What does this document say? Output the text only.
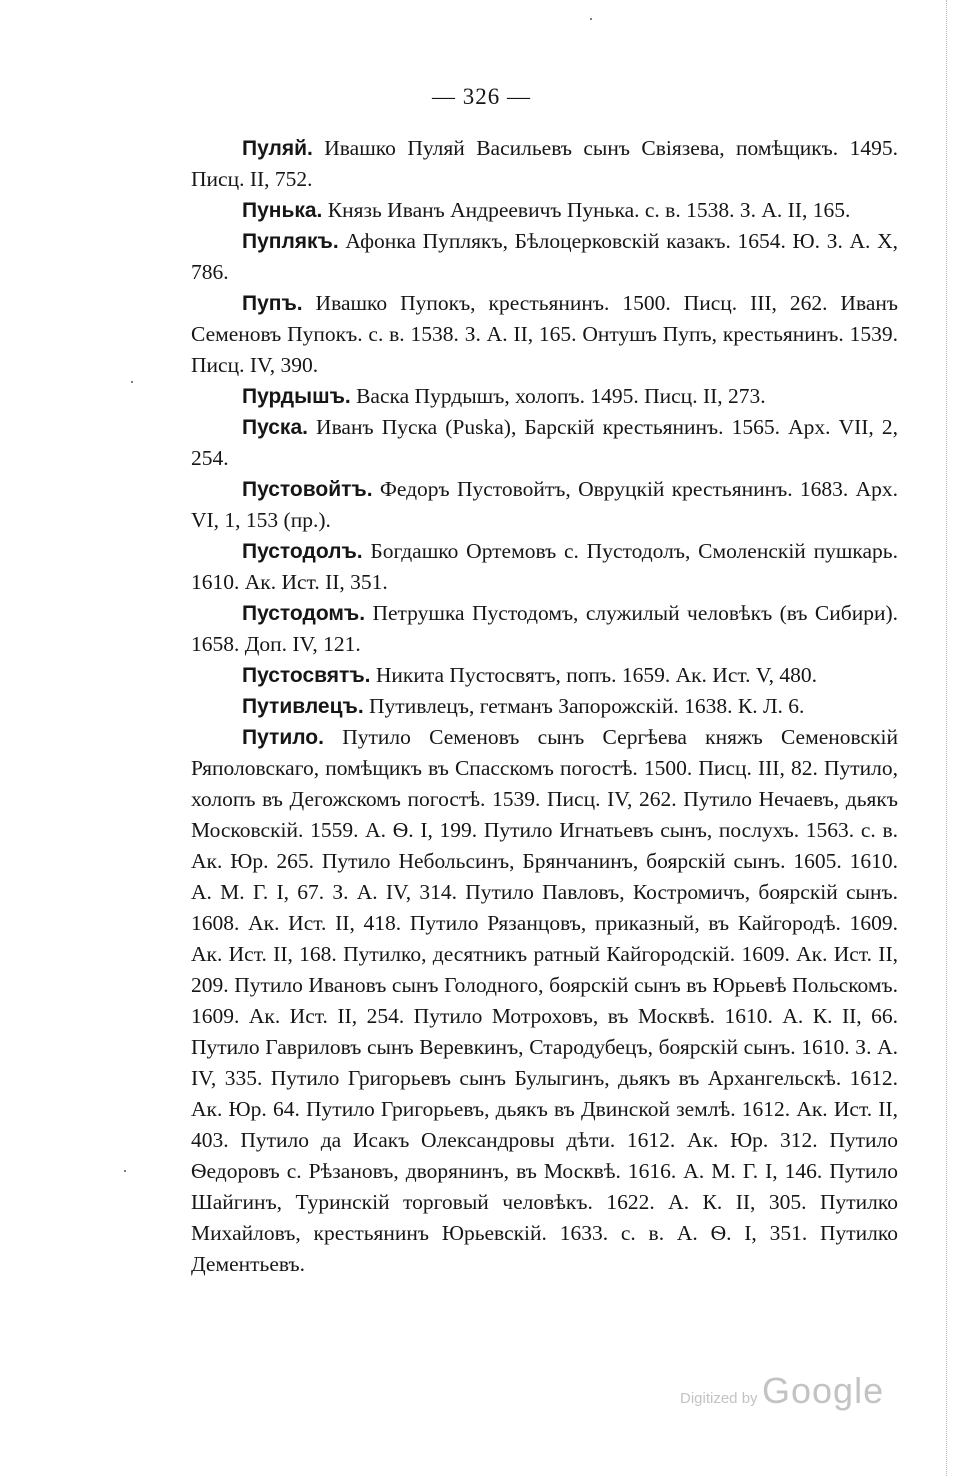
— 326 —

Пуляй. Ивашко Пуляй Васильевъ сынъ Свіязева, помѣщикъ. 1495. Писц. II, 752.

Пунька. Князь Иванъ Андреевичъ Пунька. с. в. 1538. З. А. II, 165.

Пуплякъ. Афонка Пуплякъ, Бѣлоцерковскій казакъ. 1654. Ю. З. А. X, 786.

Пупъ. Ивашко Пупокъ, крестьянинъ. 1500. Писц. III, 262. Иванъ Семеновъ Пупокъ. с. в. 1538. З. А. II, 165. Онтушъ Пупъ, крестьянинъ. 1539. Писц. IV, 390.

Пурдышъ. Васка Пурдышъ, холопъ. 1495. Писц. II, 273.

Пуска. Иванъ Пуска (Puska), Барскій крестьянинъ. 1565. Арх. VII, 2, 254.

Пустовойтъ. Федоръ Пустовойтъ, Овруцкій крестьянинъ. 1683. Арх. VI, 1, 153 (пр.).

Пустодолъ. Богдашко Ортемовъ с. Пустодолъ, Смоленскій пушкарь. 1610. Ак. Ист. II, 351.

Пустодомъ. Петрушка Пустодомъ, служилый человѣкъ (въ Сибири). 1658. Доп. IV, 121.

Пустосвятъ. Никита Пустосвятъ, попъ. 1659. Ак. Ист. V, 480.

Путивлецъ. Путивлецъ, гетманъ Запорожскій. 1638. К. Л. 6.

Путило. Путило Семеновъ сынъ Сергѣева княжъ Семеновскій Ряполовскаго, помѣщикъ въ Спасскомъ погостѣ. 1500. Писц. III, 82. Путило, холопъ въ Дегожскомъ погостѣ. 1539. Писц. IV, 262. Путило Нечаевъ, дьякъ Московскій. 1559. А. Ѳ. I, 199. Путило Игнатьевъ сынъ, послухъ. 1563. с. в. Ак. Юр. 265. Путило Небольсинъ, Брянчанинъ, боярскій сынъ. 1605. 1610. А. М. Г. I, 67. З. А. IV, 314. Путило Павловъ, Костромичъ, боярскій сынъ. 1608. Ак. Ист. II, 418. Путило Рязанцовъ, приказный, въ Кайгородѣ. 1609. Ак. Ист. II, 168. Путилко, десятникъ ратный Кайгородскій. 1609. Ак. Ист. II, 209. Путило Ивановъ сынъ Голодного, боярскій сынъ въ Юрьевѣ Польскомъ. 1609. Ак. Ист. II, 254. Путило Мотроховъ, въ Москвѣ. 1610. А. К. II, 66. Путило Гавриловъ сынъ Веревкинъ, Стародубецъ, боярскій сынъ. 1610. З. А. IV, 335. Путило Григорьевъ сынъ Булыгинъ, дьякъ въ Архангельскѣ. 1612. Ак. Юр. 64. Путило Григорьевъ, дьякъ въ Двинской землѣ. 1612. Ак. Ист. II, 403. Путило да Исакъ Олександровы дѣти. 1612. Ак. Юр. 312. Путило Ѳедоровъ с. Рѣзановъ, дворянинъ, въ Москвѣ. 1616. А. М. Г. I, 146. Путило Шайгинъ, Туринскій торговый человѣкъ. 1622. А. К. II, 305. Путилко Михайловъ, крестьянинъ Юрьевскій. 1633. с. в. А. Ѳ. I, 351. Путилко Дементьевъ.

Digitized by Google
